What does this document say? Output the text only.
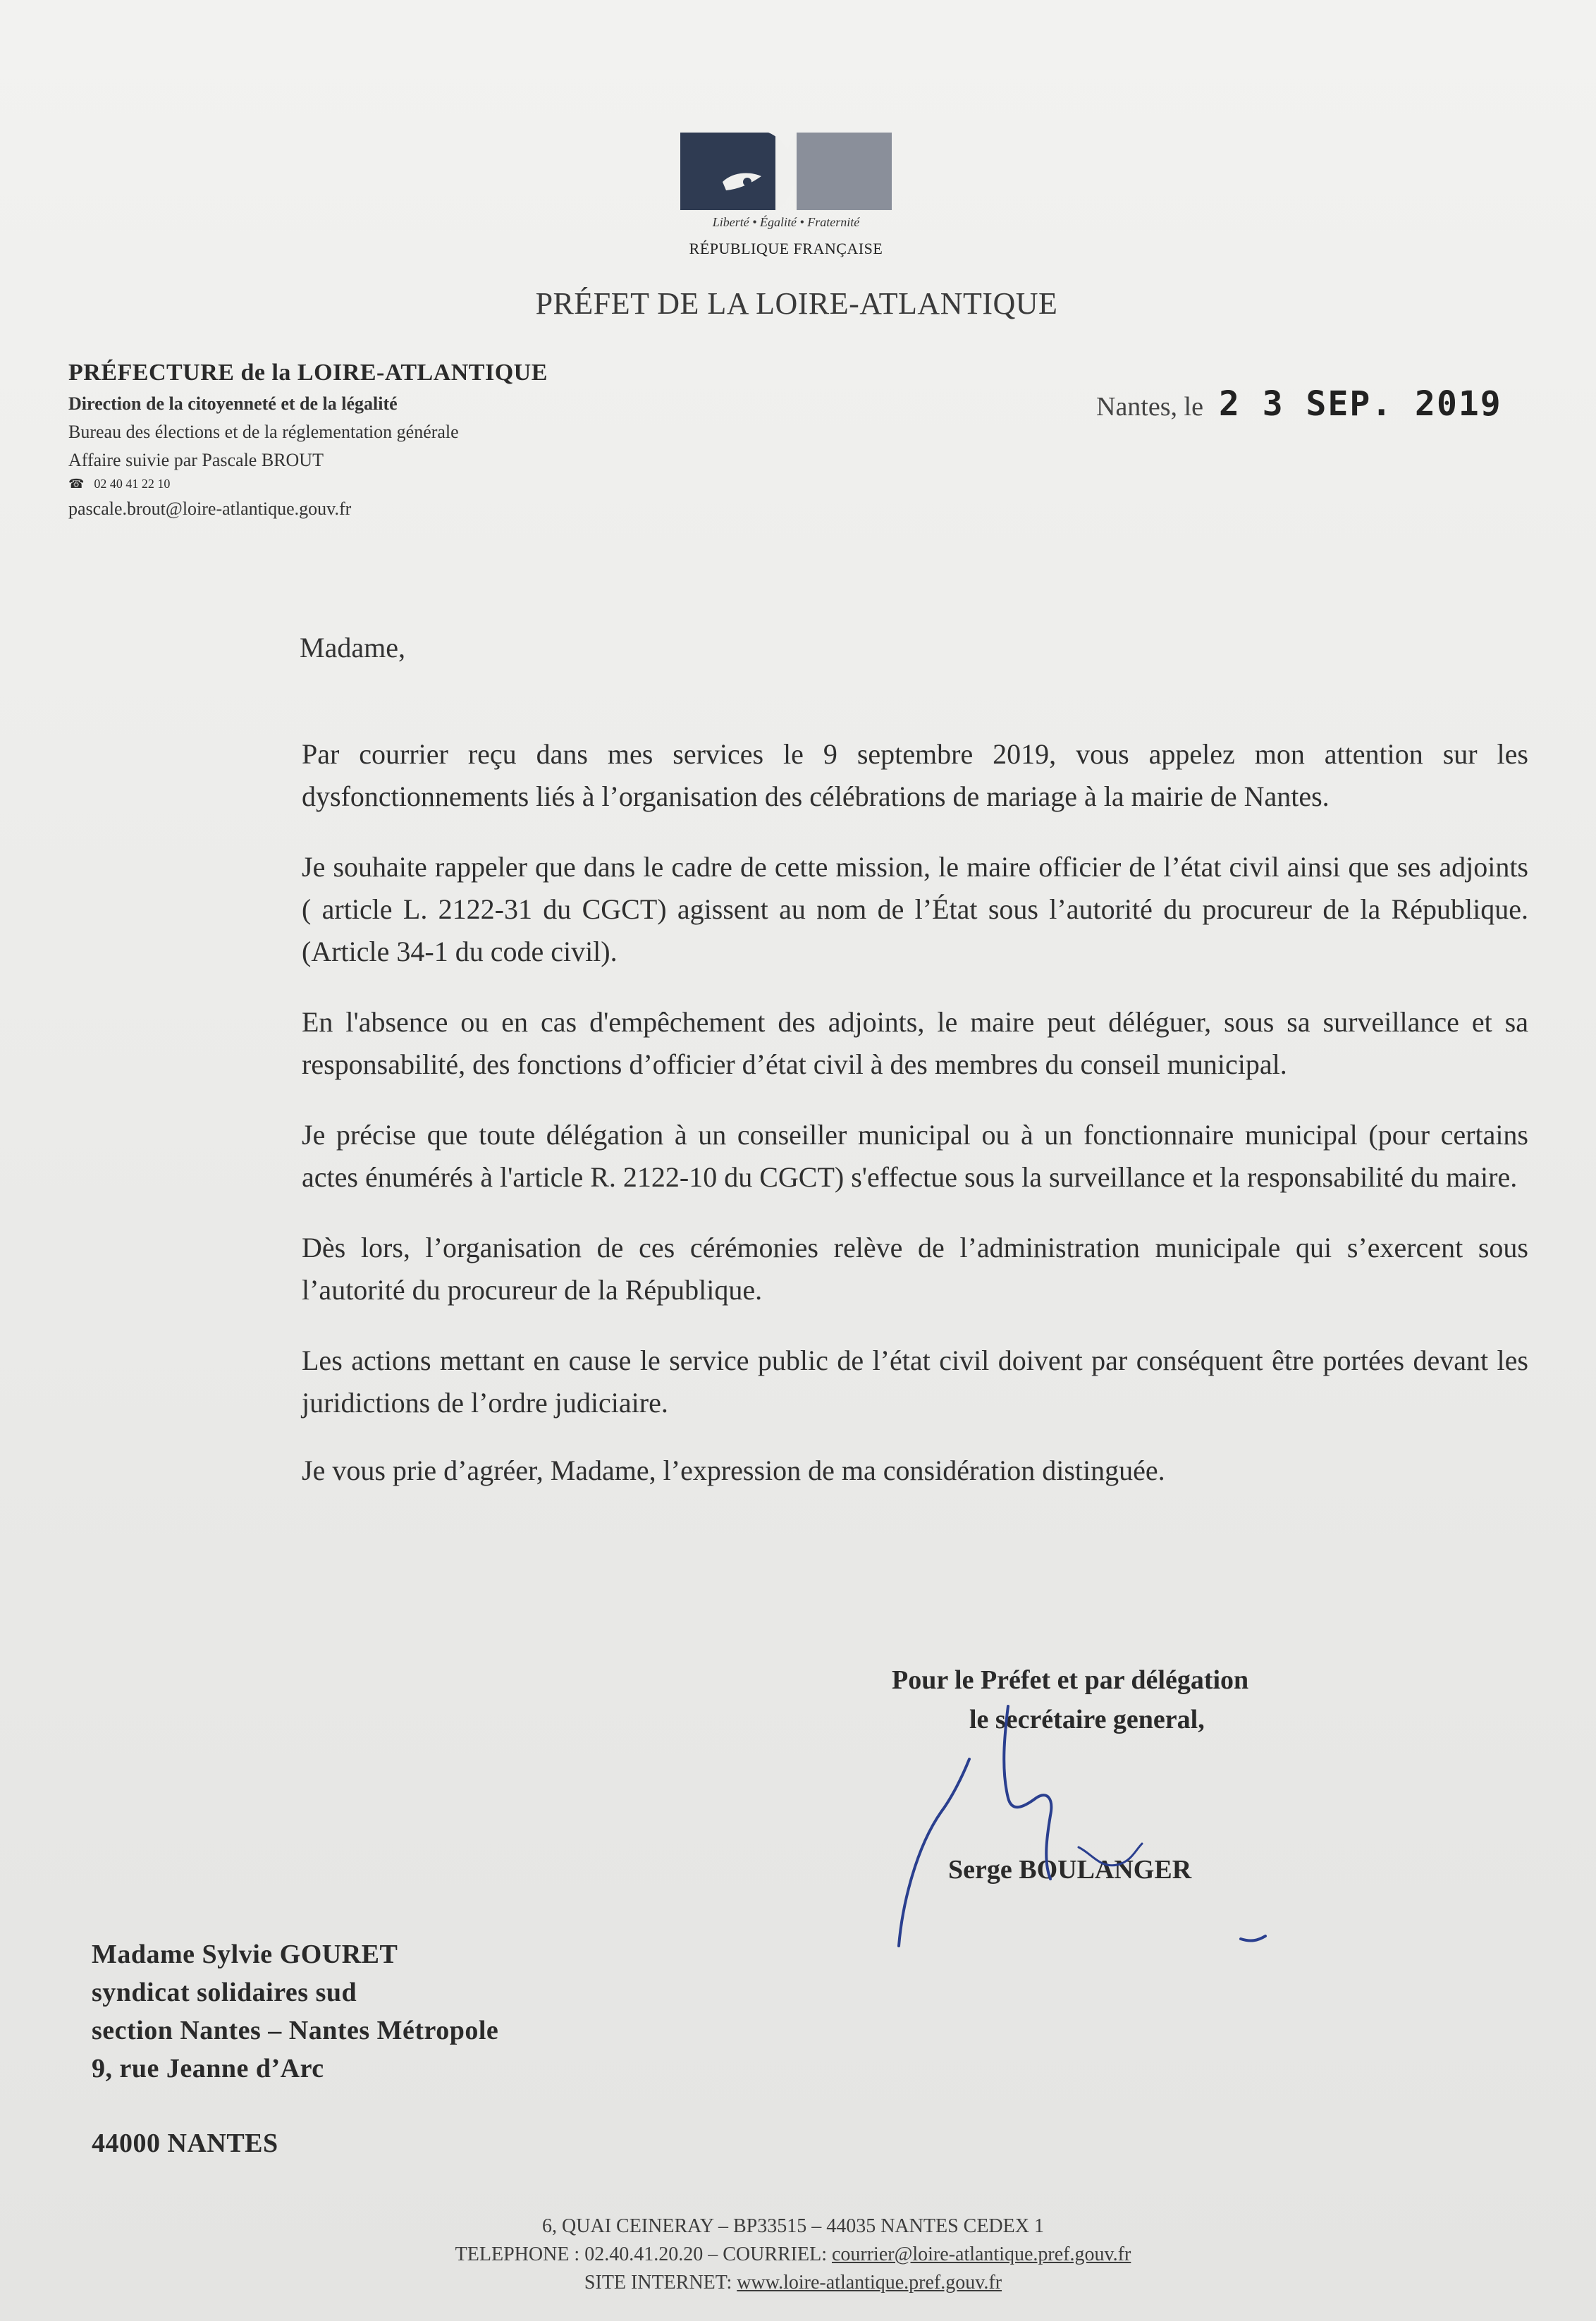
Liberté • Égalité • Fraternité
RÉPUBLIQUE FRANÇAISE
PRÉFET DE LA LOIRE-ATLANTIQUE
PRÉFECTURE de la LOIRE-ATLANTIQUE
Direction de la citoyenneté et de la légalité
Bureau des élections et de la réglementation générale
Affaire suivie par Pascale BROUT
☎ 02 40 41 22 10
pascale.brout@loire-atlantique.gouv.fr
Nantes, le 2 3 SEP. 2019
Madame,

Par courrier reçu dans mes services le 9 septembre 2019, vous appelez mon attention sur les dysfonctionnements liés à l’organisation des célébrations de mariage à la mairie de Nantes.

Je souhaite rappeler que dans le cadre de cette mission, le maire officier de l’état civil ainsi que ses adjoints ( article L. 2122-31 du CGCT) agissent au nom de l’État sous l’autorité du procureur de la République. (Article 34-1 du code civil).

En l'absence ou en cas d'empêchement des adjoints, le maire peut déléguer, sous sa surveillance et sa responsabilité, des fonctions d’officier d’état civil à des membres du conseil municipal.

Je précise que toute délégation à un conseiller municipal ou à un fonctionnaire municipal (pour certains actes énumérés à l'article R. 2122-10 du CGCT) s'effectue sous la surveillance et la responsabilité du maire.

Dès lors, l’organisation de ces cérémonies relève de l’administration municipale qui s’exercent sous l’autorité du procureur de la République.

Les actions mettant en cause le service public de l’état civil doivent par conséquent être portées devant les juridictions de l’ordre judiciaire.

Je vous prie d’agréer, Madame, l’expression de ma considération distinguée.

Pour le Préfet et par délégation
le secrétaire general,
Serge BOULANGER
Madame Sylvie GOURET
syndicat solidaires sud
section Nantes – Nantes Métropole
9, rue Jeanne d’Arc
44000 NANTES
6, QUAI CEINERAY – BP33515 – 44035 NANTES CEDEX 1
TELEPHONE : 02.40.41.20.20 – COURRIEL: courrier@loire-atlantique.pref.gouv.fr
SITE INTERNET: www.loire-atlantique.pref.gouv.fr
